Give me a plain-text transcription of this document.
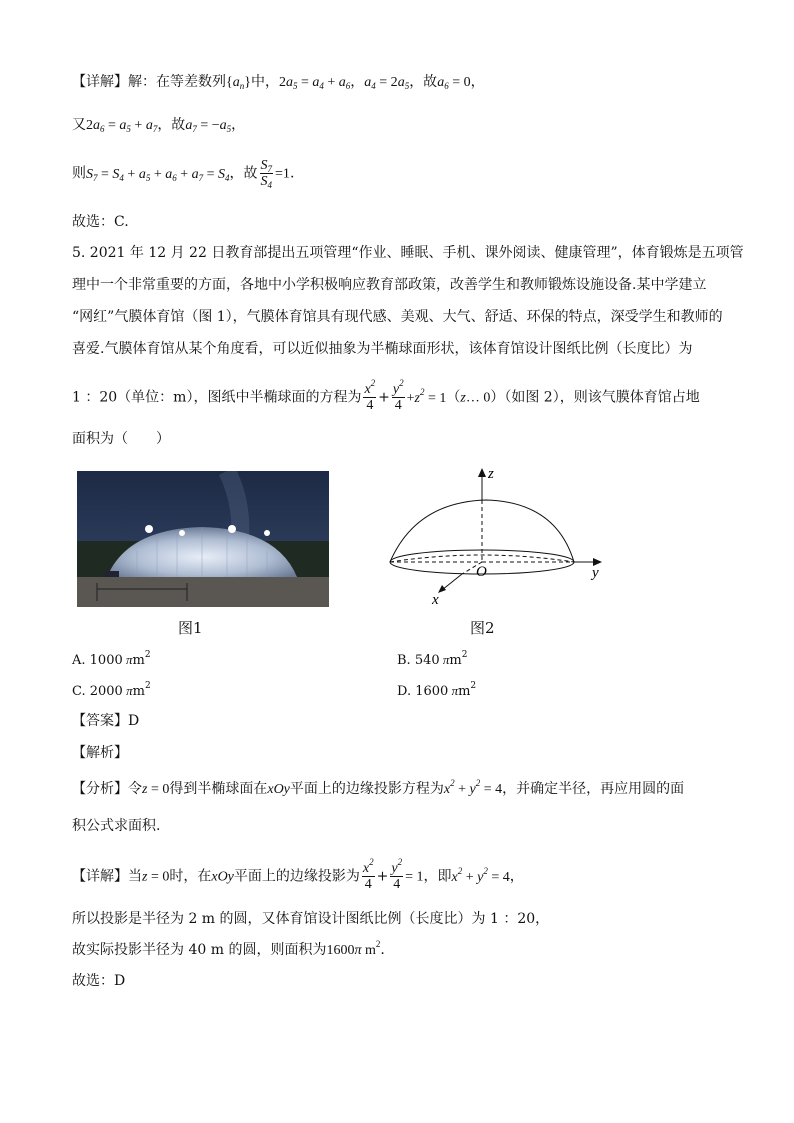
【详解】解：在等差数列$\{a_n\}$中，$2a_5 = a_4 + a_6$，$a_4 = 2a_5$，故$a_6 = 0$，
又$2a_6 = a_5 + a_7$，故$a_7 = -a_5$，
则$S_7 = S_4 + a_5 + a_6 + a_7 = S_4$，故 $\frac{S_7}{S_4} =1$.
故选：C.
5. 2021 年 12 月 22 日教育部提出五项管理“作业、睡眠、手机、课外阅读、健康管理”，体育锻炼是五项管
理中一个非常重要的方面，各地中小学积极响应教育部政策，改善学生和教师锻炼设施设备.某中学建立
“网红”气膜体育馆（图 1），气膜体育馆具有现代感、美观、大气、舒适、环保的特点，深受学生和教师的
喜爱.气膜体育馆从某个角度看，可以近似抽象为半椭球面形状，该体育馆设计图纸比例（长度比）为
1 ：20（单位：m），图纸中半椭球面的方程为 $\frac{x^2}{4} + \frac{y^2}{4} +z^2$ = 1（z… 0）（如图 2），则该气膜体育馆占地
面积为（　　）
图1
z
y
x
O
图2
A. 1000 $\pi m^2$	B. 540 $\pi m^2$
C. 2000 $\pi m^2$	D. 1600 $\pi m^2$
【答案】D
【解析】
【分析】令z = 0得到半椭球面在xOy平面上的边缘投影方程为$x^2 + y^2 = 4$，并确定半径，再应用圆的面
积公式求面积.
【详解】当z = 0时，在xOy平面上的边缘投影为 $\frac{x^2}{4} + \frac{y^2}{4} = 1$，即$x^2 + y^2 = 4$，
所以投影是半径为 2 m 的圆，又体育馆设计图纸比例（长度比）为 1 ：20，
故实际投影半径为 40 m 的圆，则面积为1600π $m^2$.
故选：D
